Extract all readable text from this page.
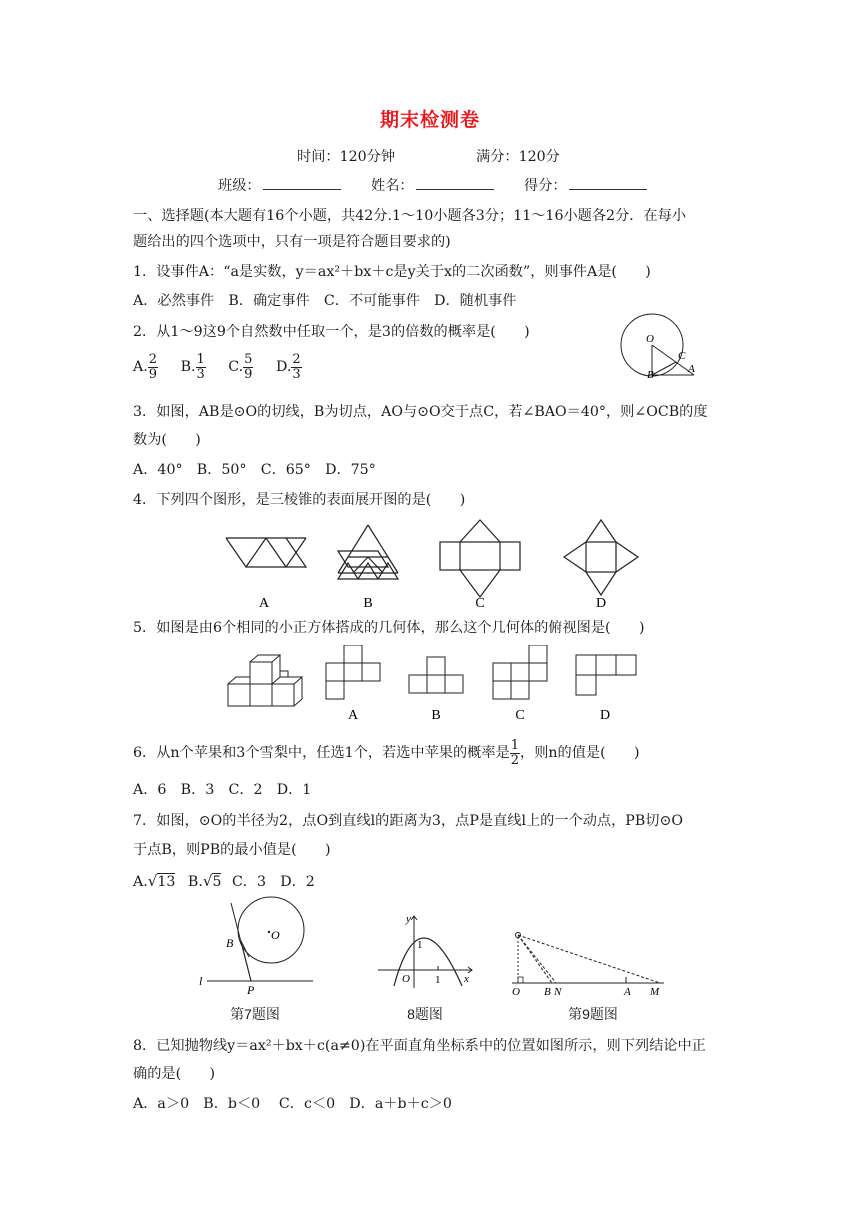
期末检测卷
时间：120分钟	满分：120分
班级：	姓名：	得分：
一、选择题(本大题有16个小题，共42分.1～10小题各3分；11～16小题各2分．在每小
题给出的四个选项中，只有一项是符合题目要求的)
1．设事件A：“a是实数，y＝ax²＋bx＋c是y关于x的二次函数”，则事件A是(　　)
A．必然事件　B．确定事件　C．不可能事件　D．随机事件
2．从1～9这9个自然数中任取一个，是3的倍数的概率是(　　)
A. $\frac{2}{9} B$. $\frac{1}{3} C$. $\frac{5}{9} D$. $\frac{2}{3}$
O
C
A
B
3．如图，AB是⊙O的切线，B为切点，AO与⊙O交于点C，若∠BAO＝40°，则∠OCB的度
数为(　　)
A．40°　B．50°　C．65°　D．75°
4．下列四个图形，是三棱锥的表面展开图的是(　　)
A	B	C	D
5．如图是由6个相同的小正方体搭成的几何体，那么这个几何体的俯视图是(　　)
A	B	C	D
6．从n个苹果和3个雪梨中，任选1个，若选中苹果的概率是 $\frac{1}{2}$ ，则n的值是(　　)
A．6　B．3　C．2　D．1
7．如图，⊙O的半径为2，点O到直线l的距离为3，点P是直线l上的一个动点，PB切⊙O
于点B，则PB的最小值是(　　)
A.√13 B.√5 C．3　D．2
O
B
l
P
y
x
O
1
1
O B N	A M
第7题图	8题图	第9题图
8．已知抛物线y＝ax²＋bx＋c(a≠0)在平面直角坐标系中的位置如图所示，则下列结论中正
确的是(　　)
A．a＞0　B．b＜0　 C．c＜0　D．a＋b＋c＞0
